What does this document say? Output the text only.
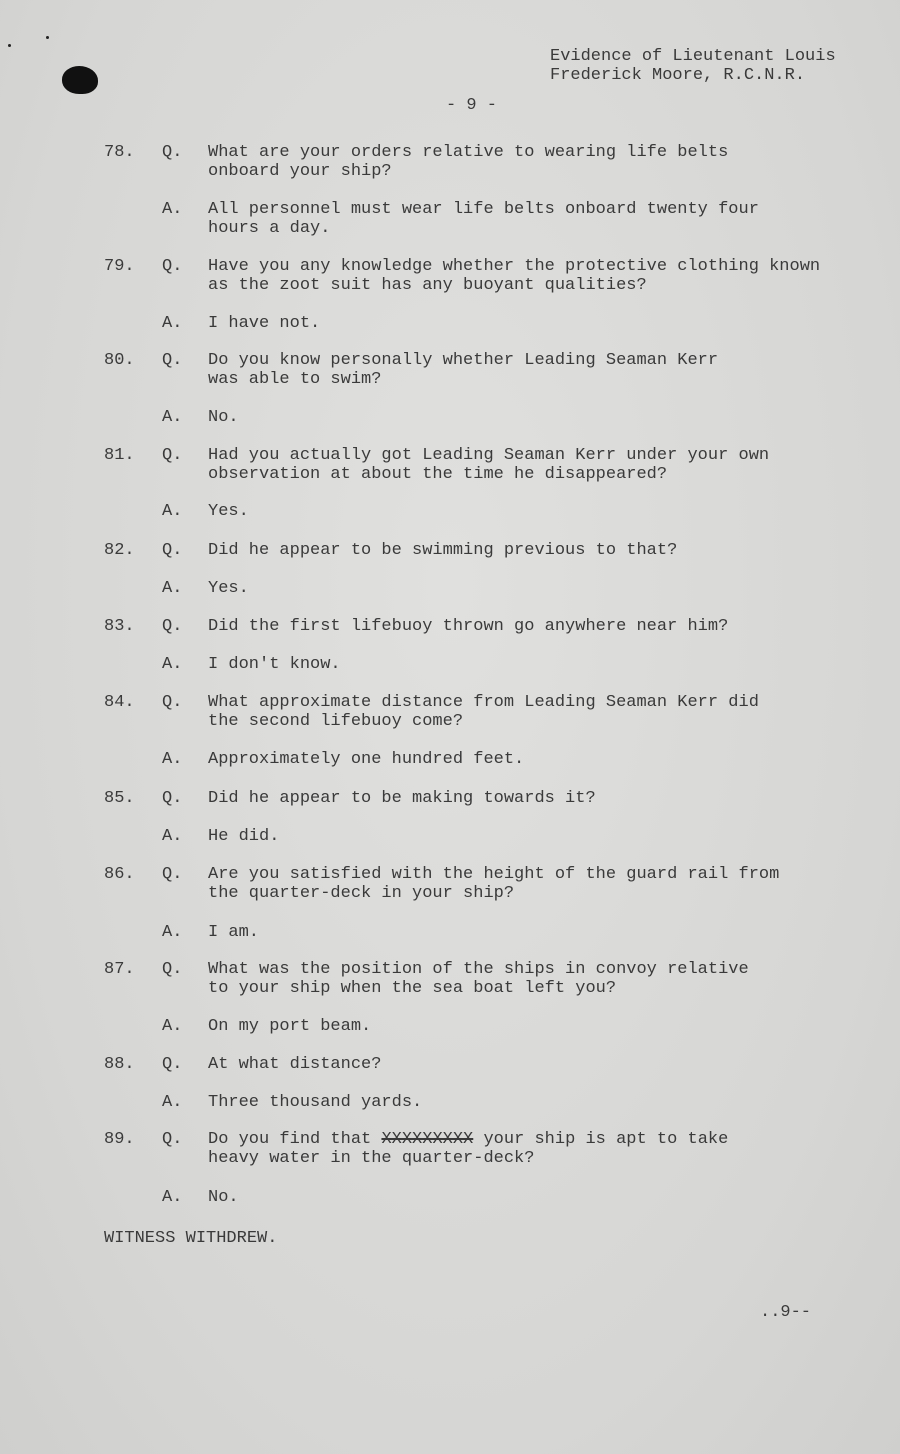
Evidence of Lieutenant Louis
Frederick Moore, R.C.N.R.
- 9 -
78. Q. What are your orders relative to wearing life belts
onboard your ship?
A. All personnel must wear life belts onboard twenty four
hours a day.
79. Q. Have you any knowledge whether the protective clothing known
as the zoot suit has any buoyant qualities?
A. I have not.
80. Q. Do you know personally whether Leading Seaman Kerr
was able to swim?
A. No.
81. Q. Had you actually got Leading Seaman Kerr under your own
observation at about the time he disappeared?
A. Yes.
82. Q. Did he appear to be swimming previous to that?
A. Yes.
83. Q. Did the first lifebuoy thrown go anywhere near him?
A. I don't know.
84. Q. What approximate distance from Leading Seaman Kerr did
the second lifebuoy come?
A. Approximately one hundred feet.
85. Q. Did he appear to be making towards it?
A. He did.
86. Q. Are you satisfied with the height of the guard rail from
the quarter-deck in your ship?
A. I am.
87. Q. What was the position of the ships in convoy relative
to your ship when the sea boat left you?
A. On my port beam.
88. Q. At what distance?
A. Three thousand yards.
89. Q. Do you find that XXXXXXXXX your ship is apt to take
heavy water in the quarter-deck?
A. No.
WITNESS WITHDREW.
..9--
